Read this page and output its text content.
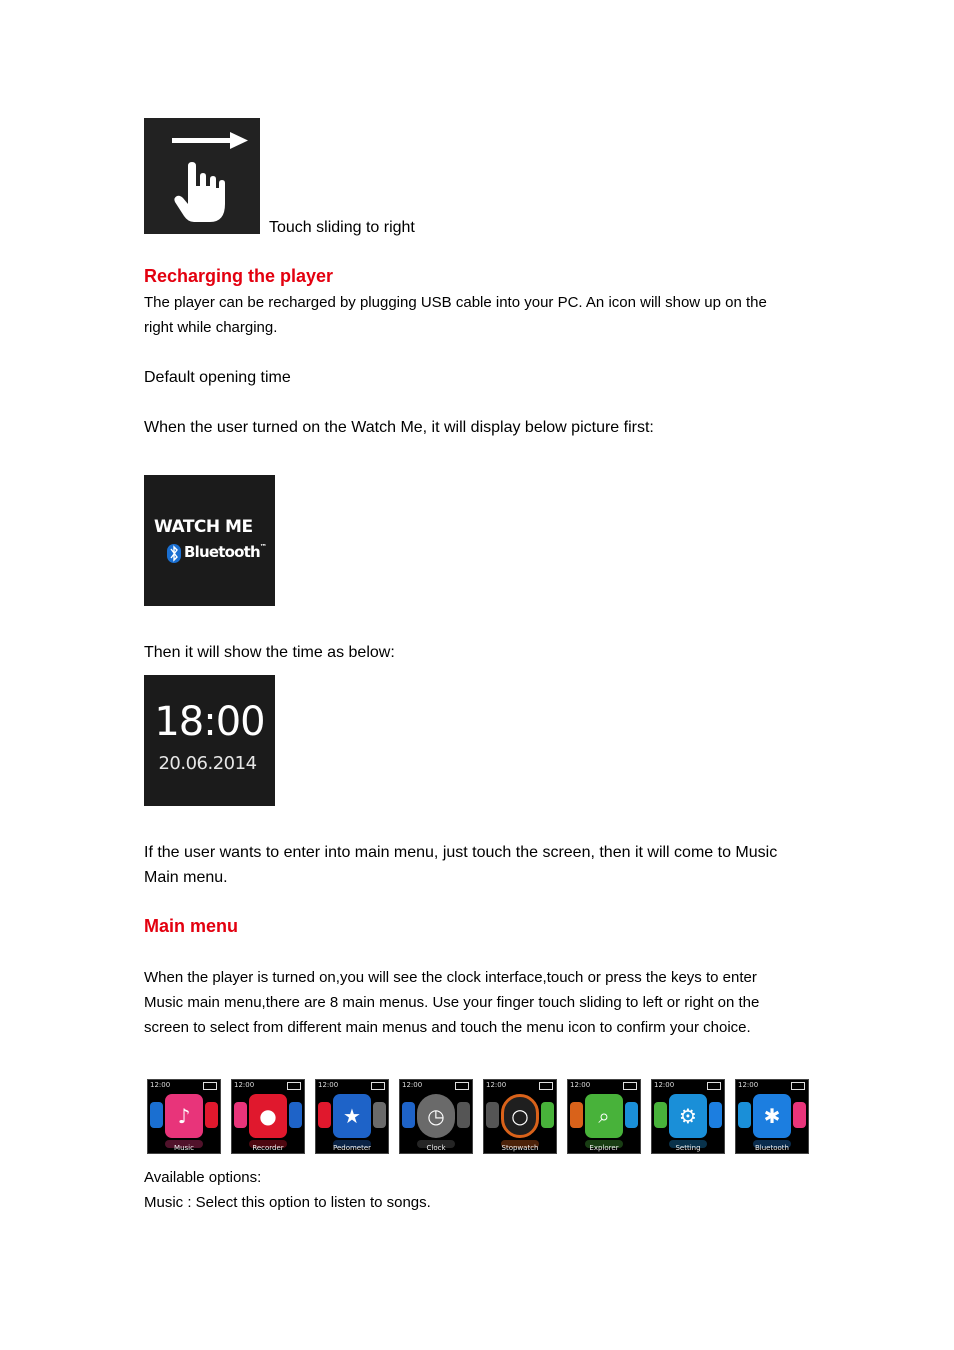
Touch sliding to right
Recharging the player
The player can be recharged by plugging USB cable into your PC. An icon will show up on the
right while charging.
Default opening time
When the user turned on the Watch Me, it will display below picture first:
WATCH ME
Bluetooth™
Then it will show the time as below:
18:00
20.06.2014
If the user wants to enter into main menu, just touch the screen, then it will come to Music
Main menu.
Main menu
When the player is turned on,you will see the clock interface,touch or press the keys to enter
Music main menu,there are 8 main menus. Use your finger touch sliding to left or right on the
screen to select from different main menus and touch the menu icon to confirm your choice.
12:00
♪
Music
12:00
●
Recorder
12:00
★
Pedometer
12:00
◷
Clock
12:00
○
Stopwatch
12:00
⌕
Explorer
12:00
⚙
Setting
12:00
✱
Bluetooth
Available options:
Music : Select this option to listen to songs.
